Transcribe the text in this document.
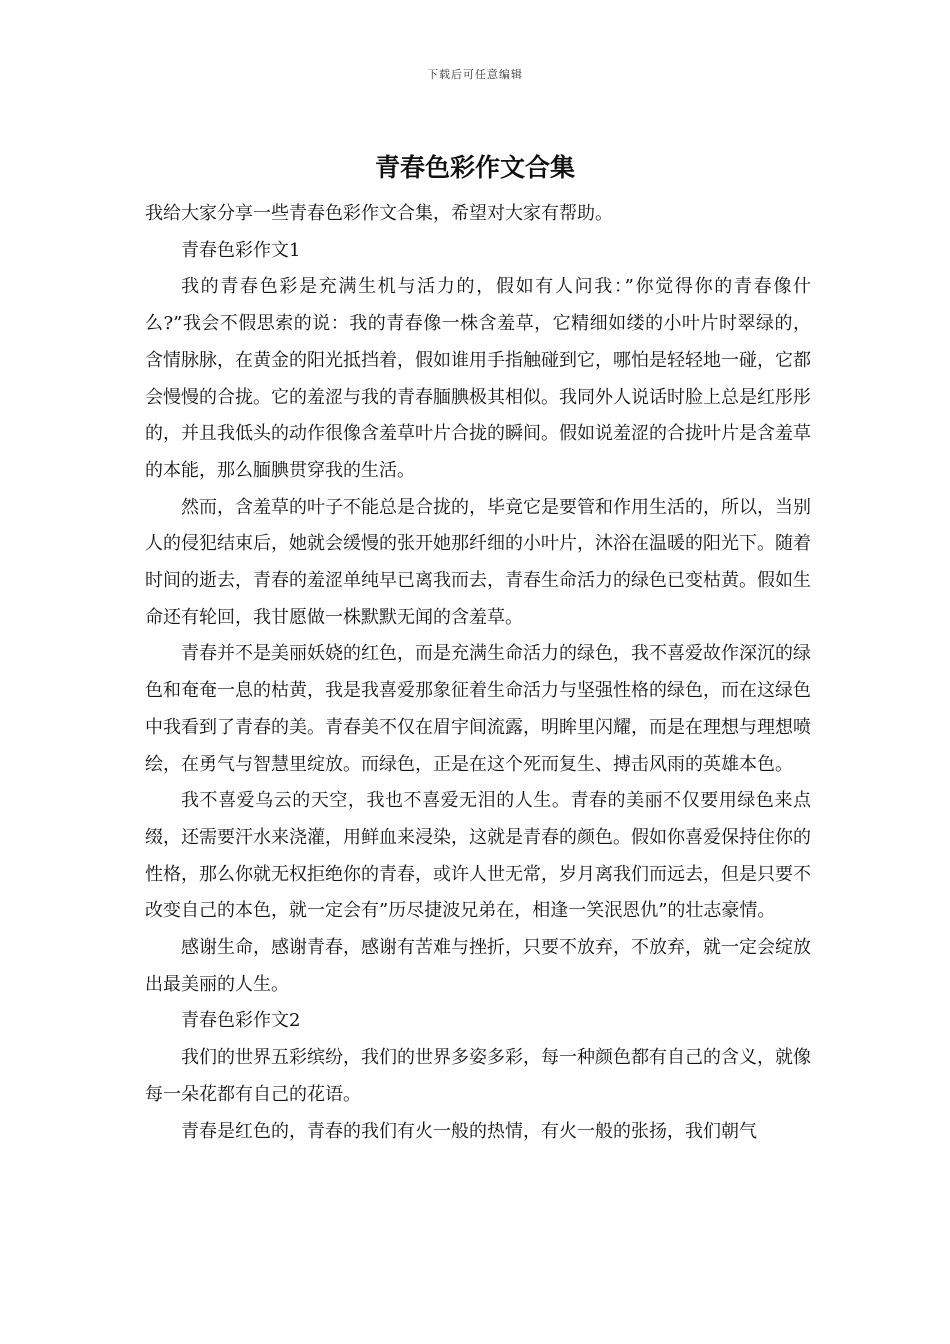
下载后可任意编辑
青春色彩作文合集

我给大家分享一些青春色彩作文合集，希望对大家有帮助。

青春色彩作文1

我的青春色彩是充满生机与活力的，假如有人问我：”你觉得你的青春像什么?”我会不假思索的说：我的青春像一株含羞草，它精细如缕的小叶片时翠绿的，含情脉脉，在黄金的阳光抵挡着，假如谁用手指触碰到它，哪怕是轻轻地一碰，它都会慢慢的合拢。它的羞涩与我的青春腼腆极其相似。我同外人说话时脸上总是红彤彤的，并且我低头的动作很像含羞草叶片合拢的瞬间。假如说羞涩的合拢叶片是含羞草的本能，那么腼腆贯穿我的生活。

然而，含羞草的叶子不能总是合拢的，毕竟它是要管和作用生活的，所以，当别人的侵犯结束后，她就会缓慢的张开她那纤细的小叶片，沐浴在温暖的阳光下。随着时间的逝去，青春的羞涩单纯早已离我而去，青春生命活力的绿色已变枯黄。假如生命还有轮回，我甘愿做一株默默无闻的含羞草。

青春并不是美丽妖娆的红色，而是充满生命活力的绿色，我不喜爱故作深沉的绿色和奄奄一息的枯黄，我是我喜爱那象征着生命活力与坚强性格的绿色，而在这绿色中我看到了青春的美。青春美不仅在眉宇间流露，明眸里闪耀，而是在理想与理想喷绘，在勇气与智慧里绽放。而绿色，正是在这个死而复生、搏击风雨的英雄本色。

我不喜爱乌云的天空，我也不喜爱无泪的人生。青春的美丽不仅要用绿色来点缀，还需要汗水来浇灌，用鲜血来浸染，这就是青春的颜色。假如你喜爱保持住你的性格，那么你就无权拒绝你的青春，或许人世无常，岁月离我们而远去，但是只要不改变自己的本色，就一定会有”历尽捷波兄弟在，相逢一笑泯恩仇”的壮志豪情。

感谢生命，感谢青春，感谢有苦难与挫折，只要不放弃，不放弃，就一定会绽放出最美丽的人生。

青春色彩作文2

我们的世界五彩缤纷，我们的世界多姿多彩，每一种颜色都有自己的含义，就像每一朵花都有自己的花语。

青春是红色的，青春的我们有火一般的热情，有火一般的张扬，我们朝气
